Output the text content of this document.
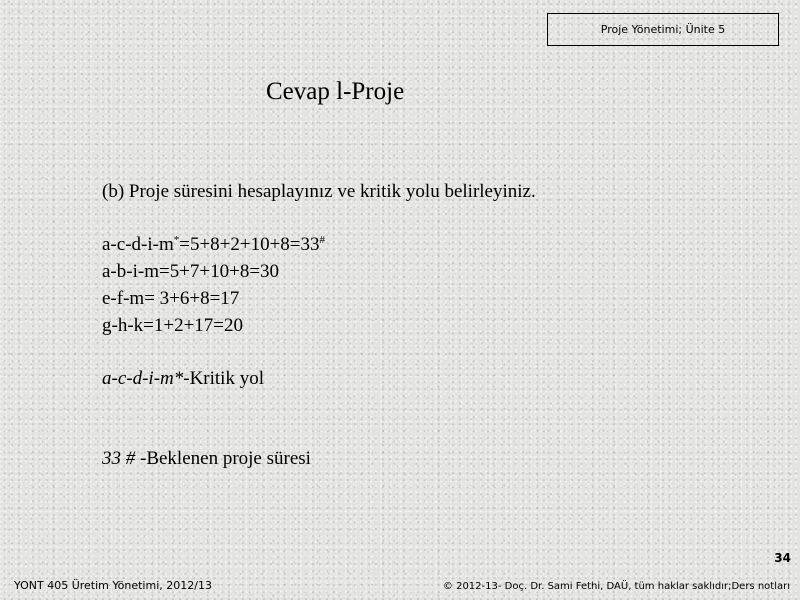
Proje Yönetimi; Ünite 5
Cevap l-Proje
(b) Proje süresini hesaplayınız ve kritik yolu belirleyiniz.
a-c-d-i-m*=5+8+2+10+8=33#
a-b-i-m=5+7+10+8=30
e-f-m= 3+6+8=17
g-h-k=1+2+17=20
a-c-d-i-m*-Kritik yol
33 # -Beklenen proje süresi
34
YONT 405 Üretim Yönetimi, 2012/13	© 2012-13- Doç. Dr. Sami Fethi, DAÜ, tüm haklar saklıdır;Ders notları
